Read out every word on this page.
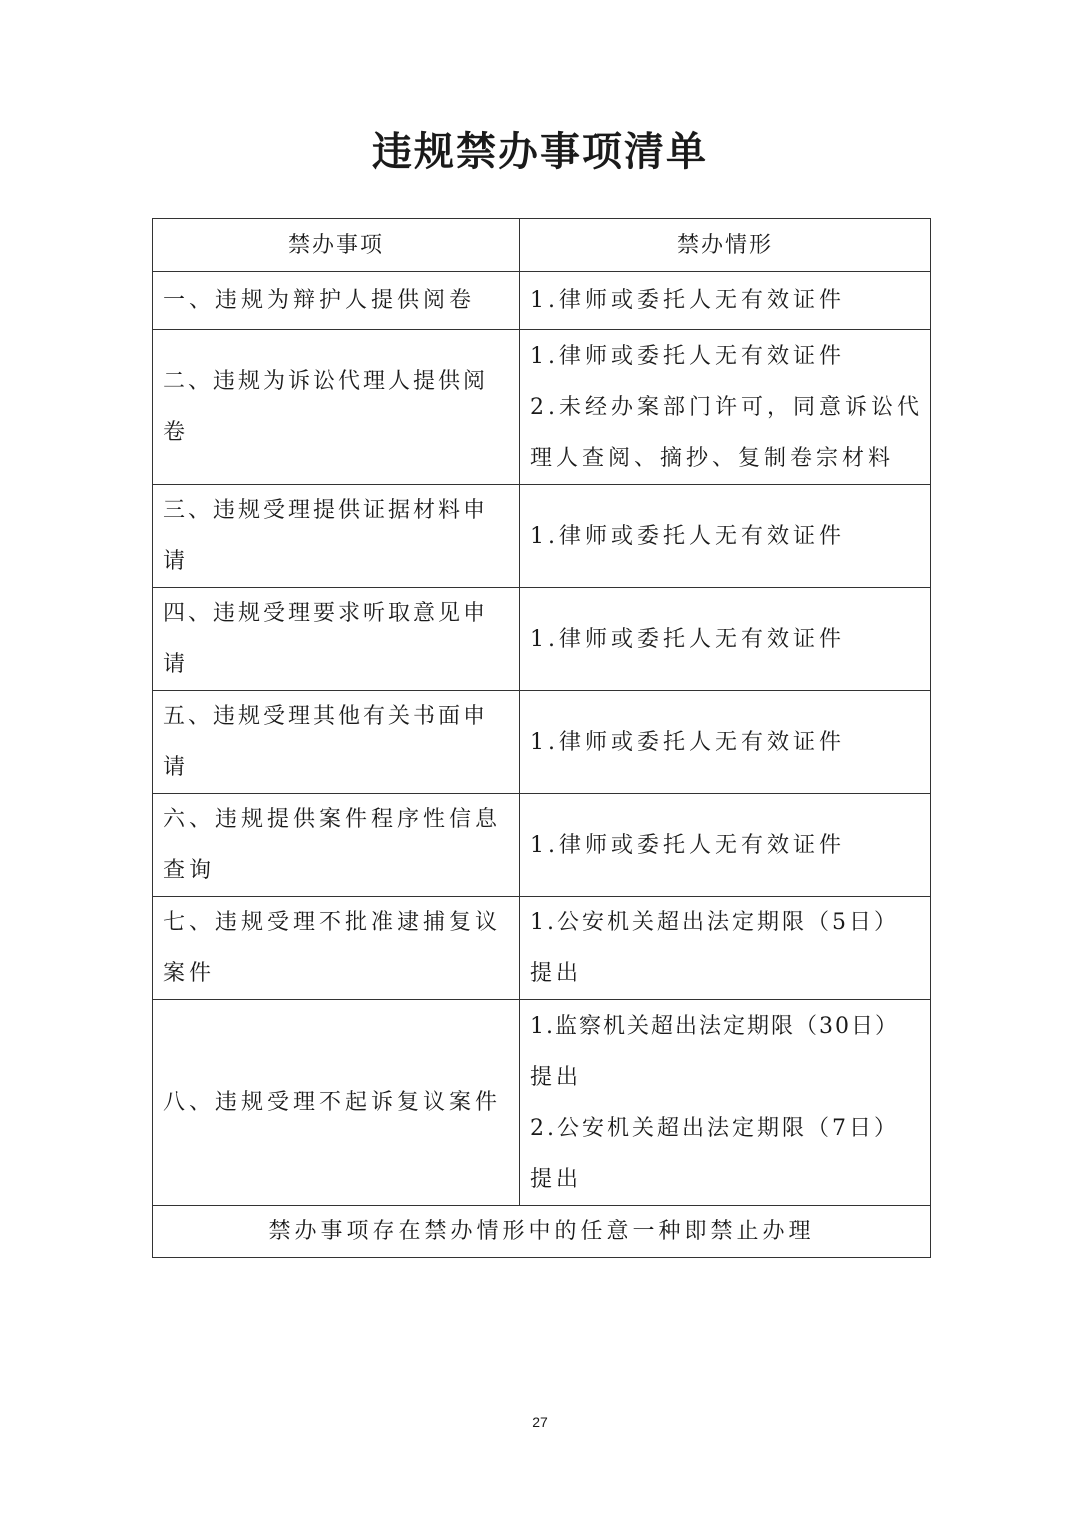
违规禁办事项清单
禁办事项	禁办情形
一、违规为辩护人提供阅卷	1.律师或委托人无有效证件

二、违规为诉讼代理人提供阅卷	1.律师或委托人无有效证件
2.未经办案部门许可，同意诉讼代
理人查阅、摘抄、复制卷宗材料

三、违规受理提供证据材料申请	1.律师或委托人无有效证件

四、违规受理要求听取意见申请	1.律师或委托人无有效证件

五、违规受理其他有关书面申请	1.律师或委托人无有效证件

六、违规提供案件程序性信息查询	1.律师或委托人无有效证件

七、违规受理不批准逮捕复议案件	1.公安机关超出法定期限（5日）
提出

八、违规受理不起诉复议案件	1.监察机关超出法定期限（30日）
提出
2.公安机关超出法定期限（7日）
提出

禁办事项存在禁办情形中的任意一种即禁止办理	
27
